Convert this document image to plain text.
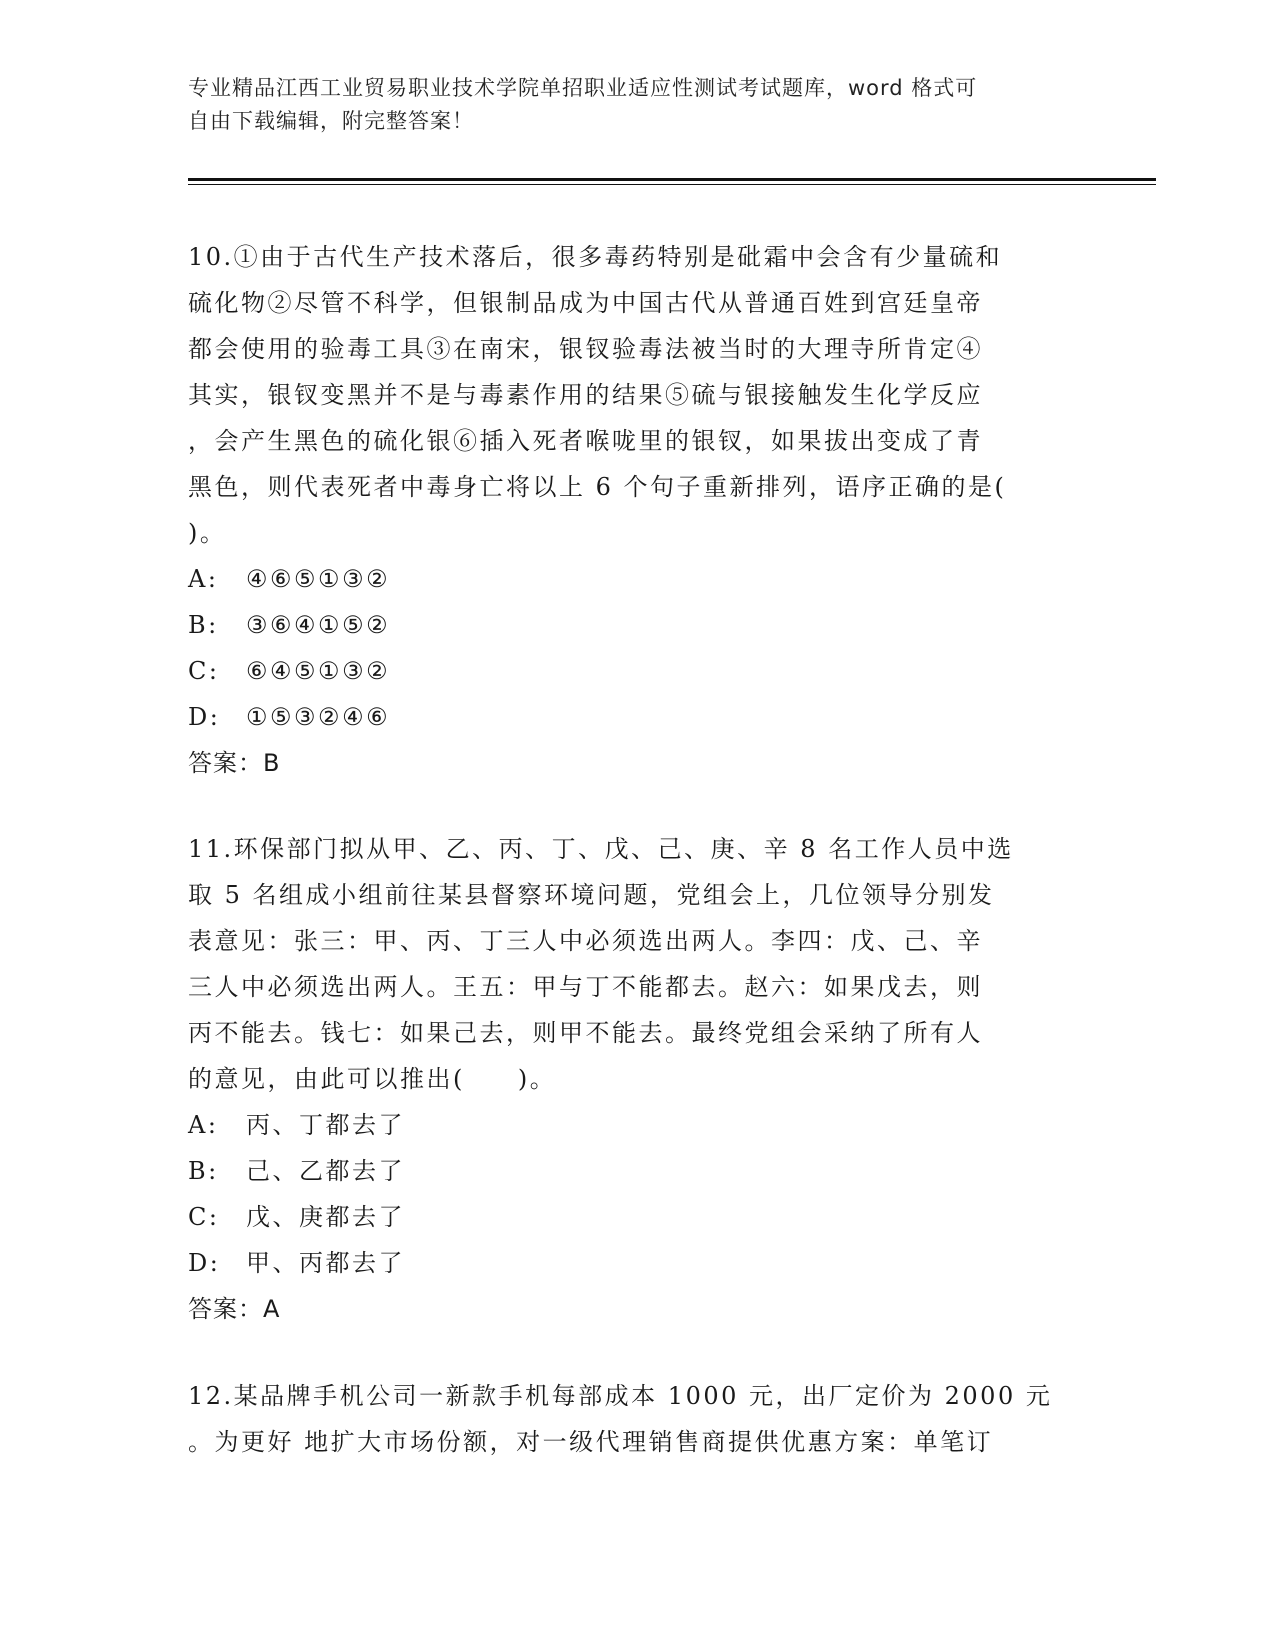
专业精品江西工业贸易职业技术学院单招职业适应性测试考试题库，word 格式可
自由下载编辑，附完整答案！
10.①由于古代生产技术落后，很多毒药特别是砒霜中会含有少量硫和
硫化物②尽管不科学，但银制品成为中国古代从普通百姓到宫廷皇帝
都会使用的验毒工具③在南宋，银钗验毒法被当时的大理寺所肯定④
其实，银钗变黑并不是与毒素作用的结果⑤硫与银接触发生化学反应
，会产生黑色的硫化银⑥插入死者喉咙里的银钗，如果拔出变成了青
黑色，则代表死者中毒身亡将以上 6 个句子重新排列，语序正确的是(
)。
A: ④⑥⑤①③②
B: ③⑥④①⑤②
C: ⑥④⑤①③②
D: ①⑤③②④⑥
答案：B
11.环保部门拟从甲、乙、丙、丁、戊、己、庚、辛 8 名工作人员中选
取 5 名组成小组前往某县督察环境问题，党组会上，几位领导分别发
表意见：张三：甲、丙、丁三人中必须选出两人。李四：戊、己、辛
三人中必须选出两人。王五：甲与丁不能都去。赵六：如果戊去，则
丙不能去。钱七：如果己去，则甲不能去。最终党组会采纳了所有人
的意见，由此可以推出(　　)。
A: 丙、丁都去了
B: 己、乙都去了
C: 戊、庚都去了
D: 甲、丙都去了
答案：A
12.某品牌手机公司一新款手机每部成本 1000 元，出厂定价为 2000 元
。为更好 地扩大市场份额，对一级代理销售商提供优惠方案：单笔订
